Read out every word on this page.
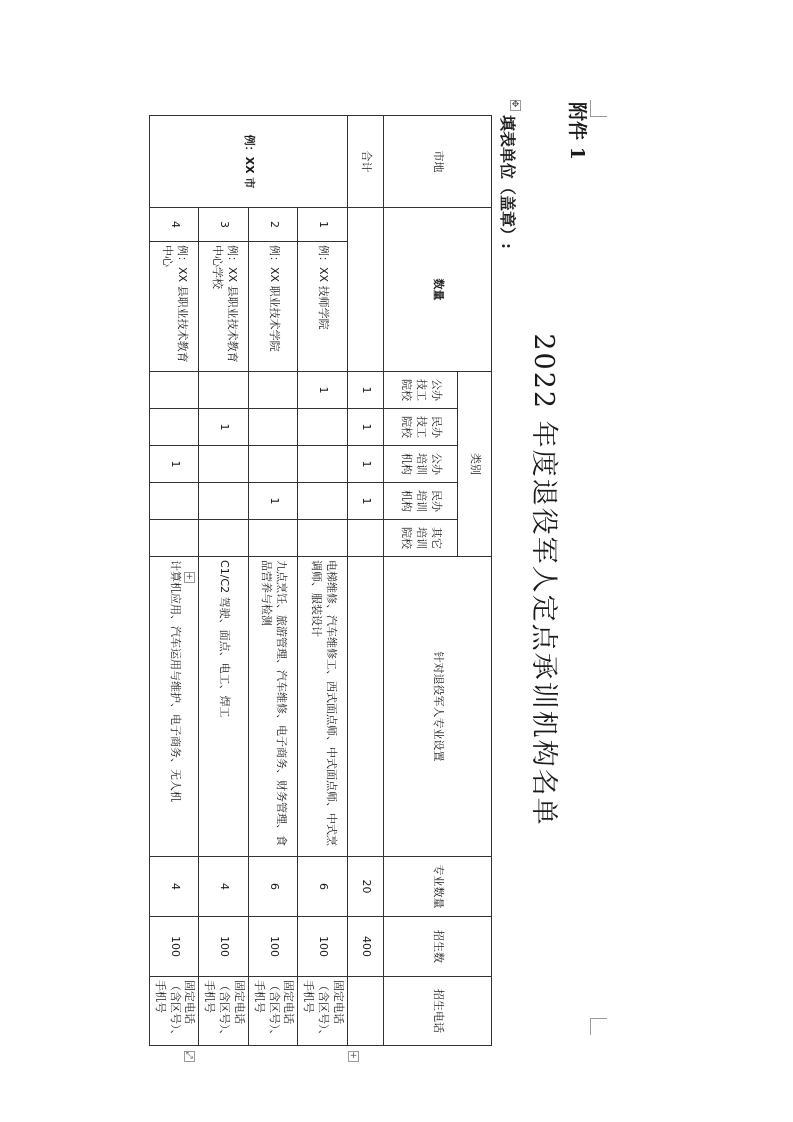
✥
+
+
⤡
附件 1
2022 年度退役军人定点承训机构名单
填表单位（盖章）:
市地	数量		类别					针对退役军人专业设置	专业数量	招生数	招生电话
			公办技工院校	民办技工院校	公办培训机构	民办培训机构	其它培训院校				
合计			1	1	1	1			20	400	
例：XX 市	1	例：XX 技师学院	1					电梯维修、汽车维修工、西式面点师、中式面点师、中式烹调师、服装设计	6	100	固定电话（含区号）、手机号
	2	例：XX 职业技术学院				1		九点烹饪、旅游管理、汽车维修、电子商务、财务管理、食品营养与检测	6	100	固定电话（含区号）、手机号
	3	例：XX 县职业技术教育中心学校		1				C1/C2 驾驶、面点、电工、焊工	4	100	固定电话（含区号）、手机号
	4	例：XX 县职业技术教育中心			1			计算机应用、汽车运用与维护、电子商务、无人机	4	100	固定电话（含区号）、手机号
